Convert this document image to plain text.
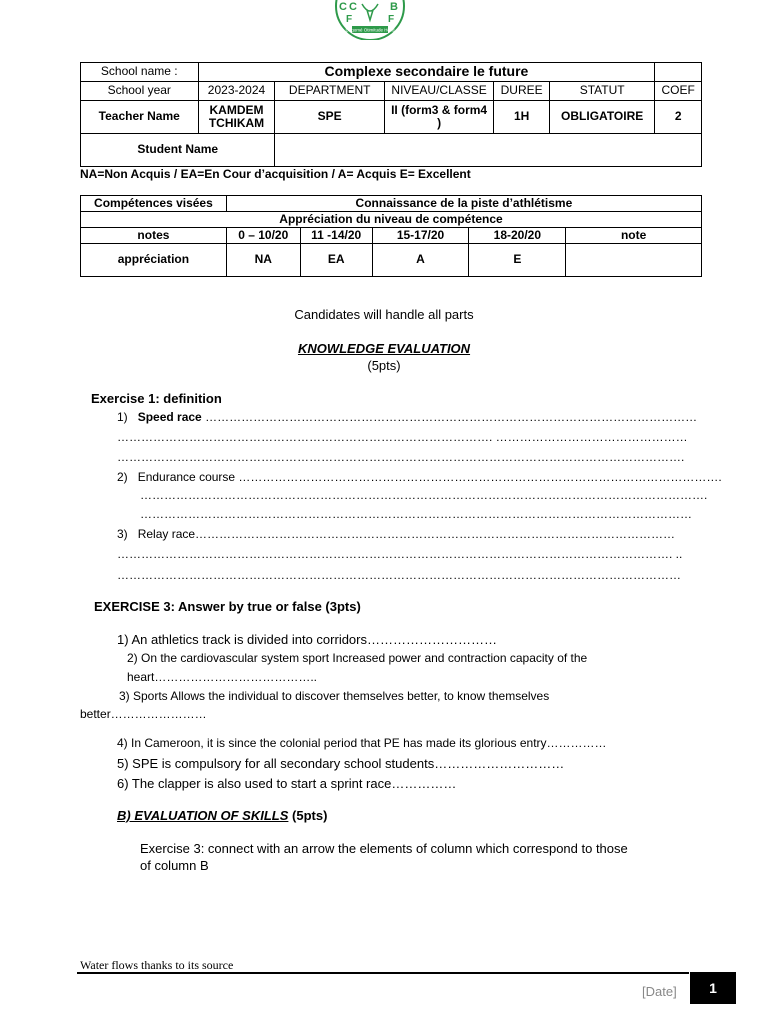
C C	B
F	F
Dugomé Otimitude Hoiid
School name :	Complexe secondaire le future					
School year	2023-2024	DEPARTMENT	NIVEAU/CLASSE	DUREE	STATUT	COEF
Teacher Name	KAMDEM TCHIKAM	SPE	II (form3 & form4 )	1H	OBLIGATOIRE	2
Student Name						
NA=Non Acquis / EA=En Cour d’acquisition / A= Acquis E= Excellent
Compétences visées	Connaissance de la piste d’athlétisme				
Appréciation du niveau de compétence					
notes	0 – 10/20	11 -14/20	15-17/20	18-20/20	note
appréciation	NA	EA	A	E	
Candidates will handle all parts
KNOWLEDGE EVALUATION
(5pts)
Exercise 1: definition
1) Speed race ……………………………………………………………………………………………………………
…………………………………………………………………………………. …………………………………………
…………………………………………………………………………………………………………………………….
2) Endurance course ………………………………………………………………………………………………………….
…………………………………………………………………………………………………………………………….
…………………………………………………………………………………………………………………………
3) Relay race…………………………………………………………………………………………………………
…………………………………………………………………………………………………………………………. ..
……………………………………………………………………………………………………………………………
EXERCISE 3: Answer by true or false (3pts)
1) An athletics track is divided into corridors…………………………
2) On the cardiovascular system sport Increased power and contraction capacity of the
heart…………………………………..
3) Sports Allows the individual to discover themselves better, to know themselves
better……………………
4) In Cameroon, it is since the colonial period that PE has made its glorious entry……………
5) SPE is compulsory for all secondary school students…………………………
6) The clapper is also used to start a sprint race……………
B) EVALUATION OF SKILLS (5pts)
Exercise 3: connect with an arrow the elements of column which correspond to those
of column B
Water flows thanks to its source
[Date]	1
